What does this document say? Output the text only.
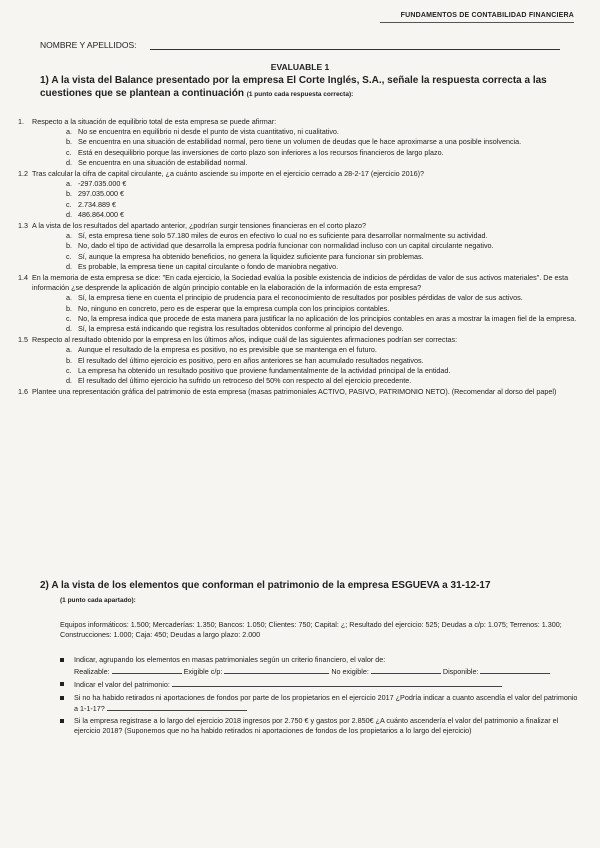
FUNDAMENTOS DE CONTABILIDAD FINANCIERA
NOMBRE Y APELLIDOS:
EVALUABLE 1
1) A la vista del Balance presentado por la empresa El Corte Inglés, S.A., señale la respuesta correcta a las cuestiones que se plantean a continuación (1 punto cada respuesta correcta):
1. Respecto a la situación de equilibrio total de esta empresa se puede afirmar:
a. No se encuentra en equilibrio ni desde el punto de vista cuantitativo, ni cualitativo.
b. Se encuentra en una situación de estabilidad normal, pero tiene un volumen de deudas que le hace aproximarse a una posible insolvencia.
c. Está en desequilibrio porque las inversiones de corto plazo son inferiores a los recursos financieros de largo plazo.
d. Se encuentra en una situación de estabilidad normal.
1.2 Tras calcular la cifra de capital circulante, ¿a cuánto asciende su importe en el ejercicio cerrado a 28-2-17 (ejercicio 2016)?
a. -297.035.000 €
b. 297.035.000 €
c. 2.734.889 €
d. 486.864.000 €
1.3 A la vista de los resultados del apartado anterior, ¿podrían surgir tensiones financieras en el corto plazo?
a. Sí, esta empresa tiene solo 57.180 miles de euros en efectivo lo cual no es suficiente para desarrollar normalmente su actividad.
b. No, dado el tipo de actividad que desarrolla la empresa podría funcionar con normalidad incluso con un capital circulante negativo.
c. Sí, aunque la empresa ha obtenido beneficios, no genera la liquidez suficiente para funcionar sin problemas.
d. Es probable, la empresa tiene un capital circulante o fondo de maniobra negativo.
1.4 En la memoria de esta empresa se dice: "En cada ejercicio, la Sociedad evalúa la posible existencia de indicios de pérdidas de valor de sus activos materiales". De esta información ¿se desprende la aplicación de algún principio contable en la elaboración de la información de esta empresa?
a. Sí, la empresa tiene en cuenta el principio de prudencia para el reconocimiento de resultados por posibles pérdidas de valor de sus activos.
b. No, ninguno en concreto, pero es de esperar que la empresa cumpla con los principios contables.
c. No, la empresa indica que procede de esta manera para justificar la no aplicación de los principios contables en aras a mostrar la imagen fiel de la empresa.
d. Sí, la empresa está indicando que registra los resultados obtenidos conforme al principio del devengo.
1.5 Respecto al resultado obtenido por la empresa en los últimos años, indique cuál de las siguientes afirmaciones podrían ser correctas:
a. Aunque el resultado de la empresa es positivo, no es previsible que se mantenga en el futuro.
b. El resultado del último ejercicio es positivo, pero en años anteriores se han acumulado resultados negativos.
c. La empresa ha obtenido un resultado positivo que proviene fundamentalmente de la actividad principal de la entidad.
d. El resultado del último ejercicio ha sufrido un retroceso del 50% con respecto al del ejercicio precedente.
1.6 Plantee una representación gráfica del patrimonio de esta empresa (masas patrimoniales ACTIVO, PASIVO, PATRIMONIO NETO). (Recomendar al dorso del papel)
2) A la vista de los elementos que conforman el patrimonio de la empresa ESGUEVA a 31-12-17
(1 punto cada apartado):
Equipos informáticos: 1.500; Mercaderías: 1.350; Bancos: 1.050; Clientes: 750; Capital: ¿; Resultado del ejercicio: 525; Deudas a c/p: 1.075; Terrenos: 1.300; Construcciones: 1.000; Caja: 450; Deudas a largo plazo: 2.000
Indicar, agrupando los elementos en masas patrimoniales según un criterio financiero, el valor de:
Realizable:	Exigible c/p:	No exigible:	Disponible:
Indicar el valor del patrimonio:
Si no ha habido retirados ni aportaciones de fondos por parte de los propietarios en el ejercicio 2017 ¿Podría indicar a cuanto ascendía el valor del patrimonio a 1-1-17?
Si la empresa registrase a lo largo del ejercicio 2018 ingresos por 2.750 € y gastos por 2.850€ ¿A cuánto ascendería el valor del patrimonio a finalizar el ejercicio 2018? (Suponemos que no ha habido retirados ni aportaciones de fondos de los propietarios a lo largo del ejercicio)
